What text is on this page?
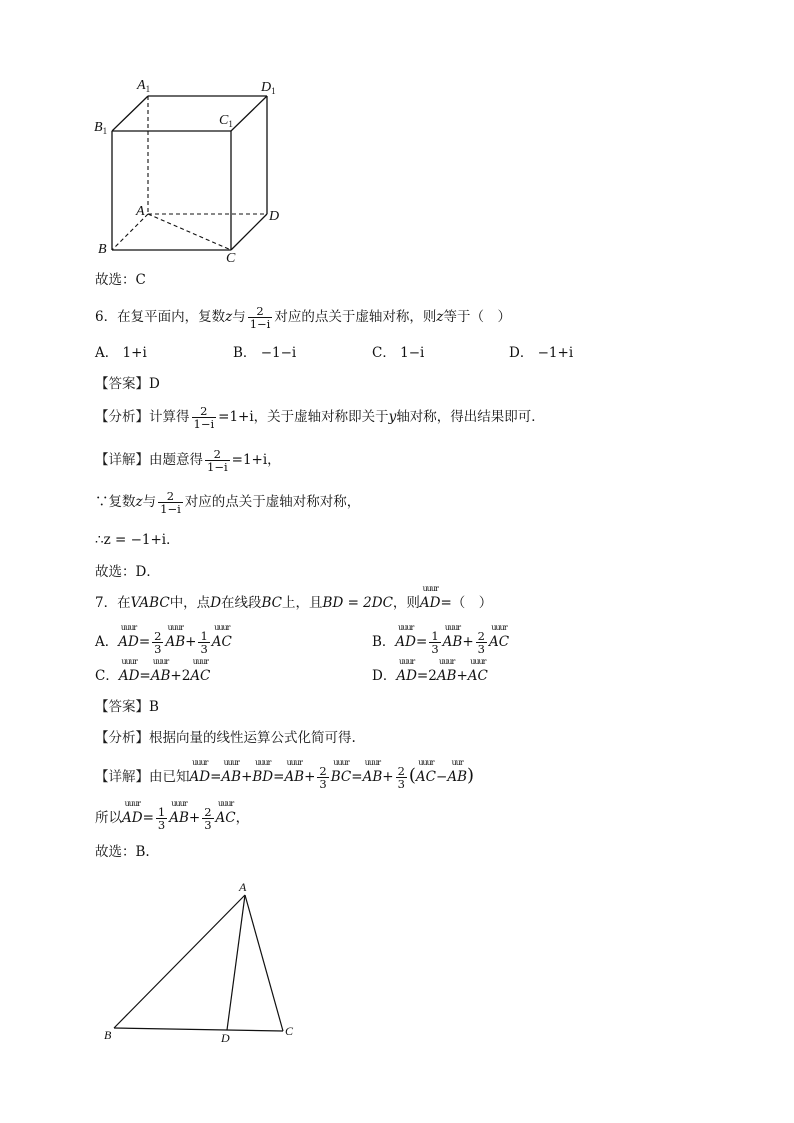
$A_1$	$D_1$
$B_1$
$C_1$
A	D
B
C
故选：C
6．在复平面内，复数z与 $\frac{2}{1-i}$ 对应的点关于虚轴对称，则z等于（　）
A． 1+i	B． −1−i	C． 1−i	D． −1+i
【答案】D
【分析】计算得 $\frac{2}{1-i} =1+i$，关于虚轴对称即关于y轴对称，得出结果即可．
【详解】由题意得 $\frac{2}{1-i} =1+i$，
∵复数z与 $\frac{2}{1-i}$ 对应的点关于虚轴对称对称，
∴z = −1+i．
故选：D．
7．在VABC中，点D在线段BC上，且BD = 2DC，则
uuur
AD=（　）
A．
uuur
$AD= \frac{2}{3}$
uuur
$AB+ \frac{1}{3}$
uuur
AC	B．
uuur
$AD= \frac{1}{3}$
uuur
$AB+ \frac{2}{3}$
uuur
AC
C．
uuur
AD=
uuur
AB+2
uuur
AC	D．
uuur
AD=2
uuur
AB+
uuur
AC
【答案】B
【分析】根据向量的线性运算公式化简可得.
【详解】由已知
uuur
AD=
uuur
AB+
uuur
BD=
uuur
$AB+ \frac{2}{3}$
uuur
BC=
uuur
$AB+ \frac{2}{3}$ (
uuur
AC−
uur
AB)
所以
uuur
$AD= \frac{1}{3}$
uuur
$AB+ \frac{2}{3}$
uuur
AC，
故选：B.
A
B	C
D
